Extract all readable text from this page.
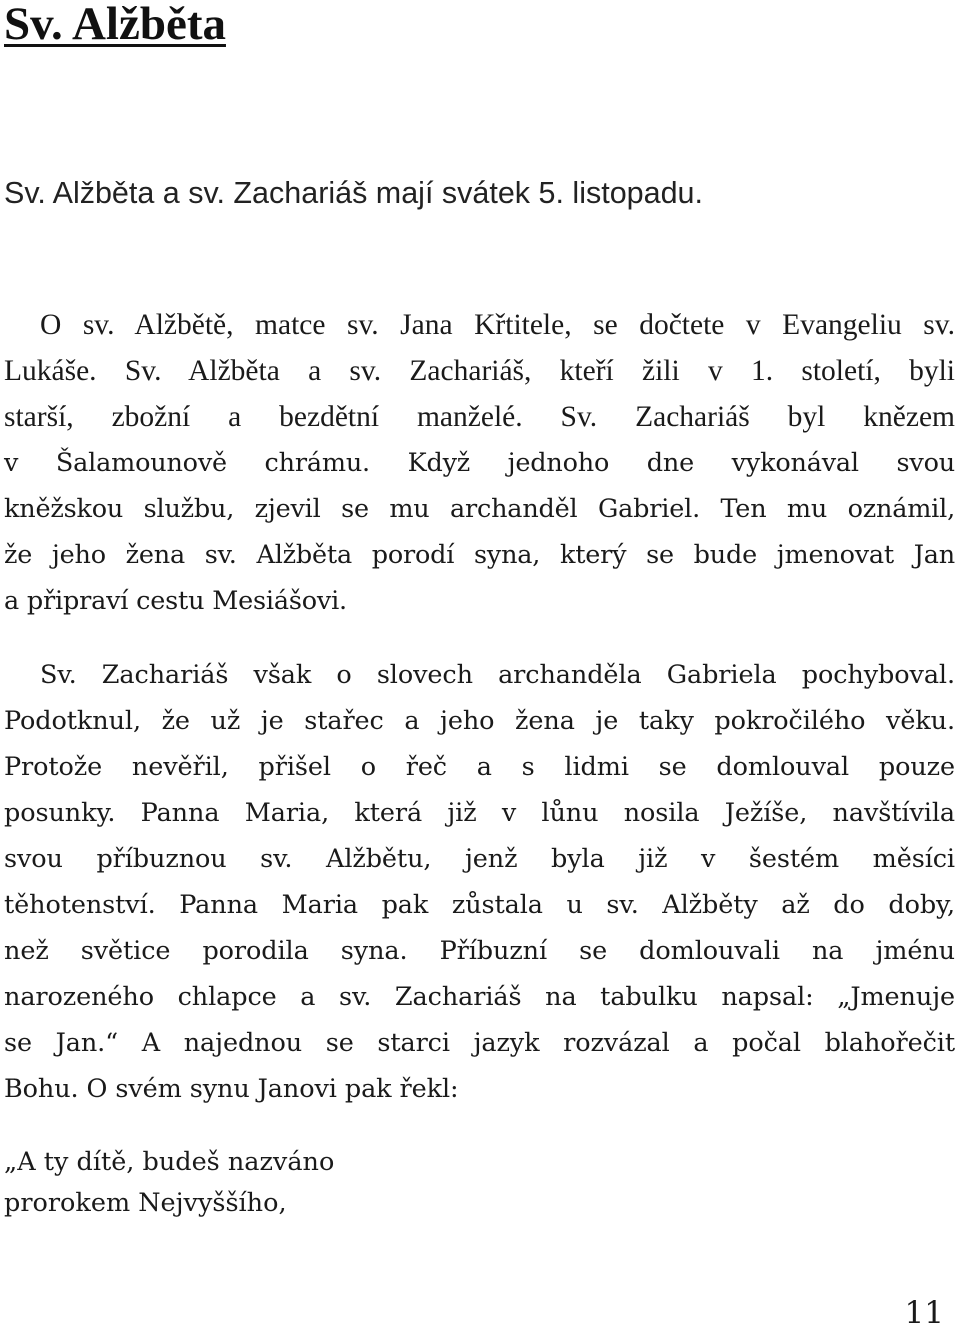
Sv. Alžběta

Sv. Alžběta a sv. Zachariáš mají svátek 5. listopadu.

O sv. Alžbětě, matce sv. Jana Křtitele, se dočtete v Evangeliu sv.
Lukáše. Sv. Alžběta a sv. Zachariáš, kteří žili v 1. století, byli
starší, zbožní a bezdětní manželé. Sv. Zachariáš byl knězem
v Šalamounově chrámu. Když jednoho dne vykonával svou
kněžskou službu, zjevil se mu archanděl Gabriel. Ten mu oznámil,
že jeho žena sv. Alžběta porodí syna, který se bude jmenovat Jan
a připraví cestu Mesiášovi.
Sv. Zachariáš však o slovech archanděla Gabriela pochyboval.
Podotknul, že už je stařec a jeho žena je taky pokročilého věku.
Protože nevěřil, přišel o řeč a s lidmi se domlouval pouze
posunky. Panna Maria, která již v lůnu nosila Ježíše, navštívila
svou příbuznou sv. Alžbětu, jenž byla již v šestém měsíci
těhotenství. Panna Maria pak zůstala u sv. Alžběty až do doby,
než světice porodila syna. Příbuzní se domlouvali na jménu
narozeného chlapce a sv. Zachariáš na tabulku napsal: „Jmenuje
se Jan.“ A najednou se starci jazyk rozvázal a počal blahořečit
Bohu. O svém synu Janovi pak řekl:
„A ty dítě, budeš nazváno
prorokem Nejvyššího,
11
